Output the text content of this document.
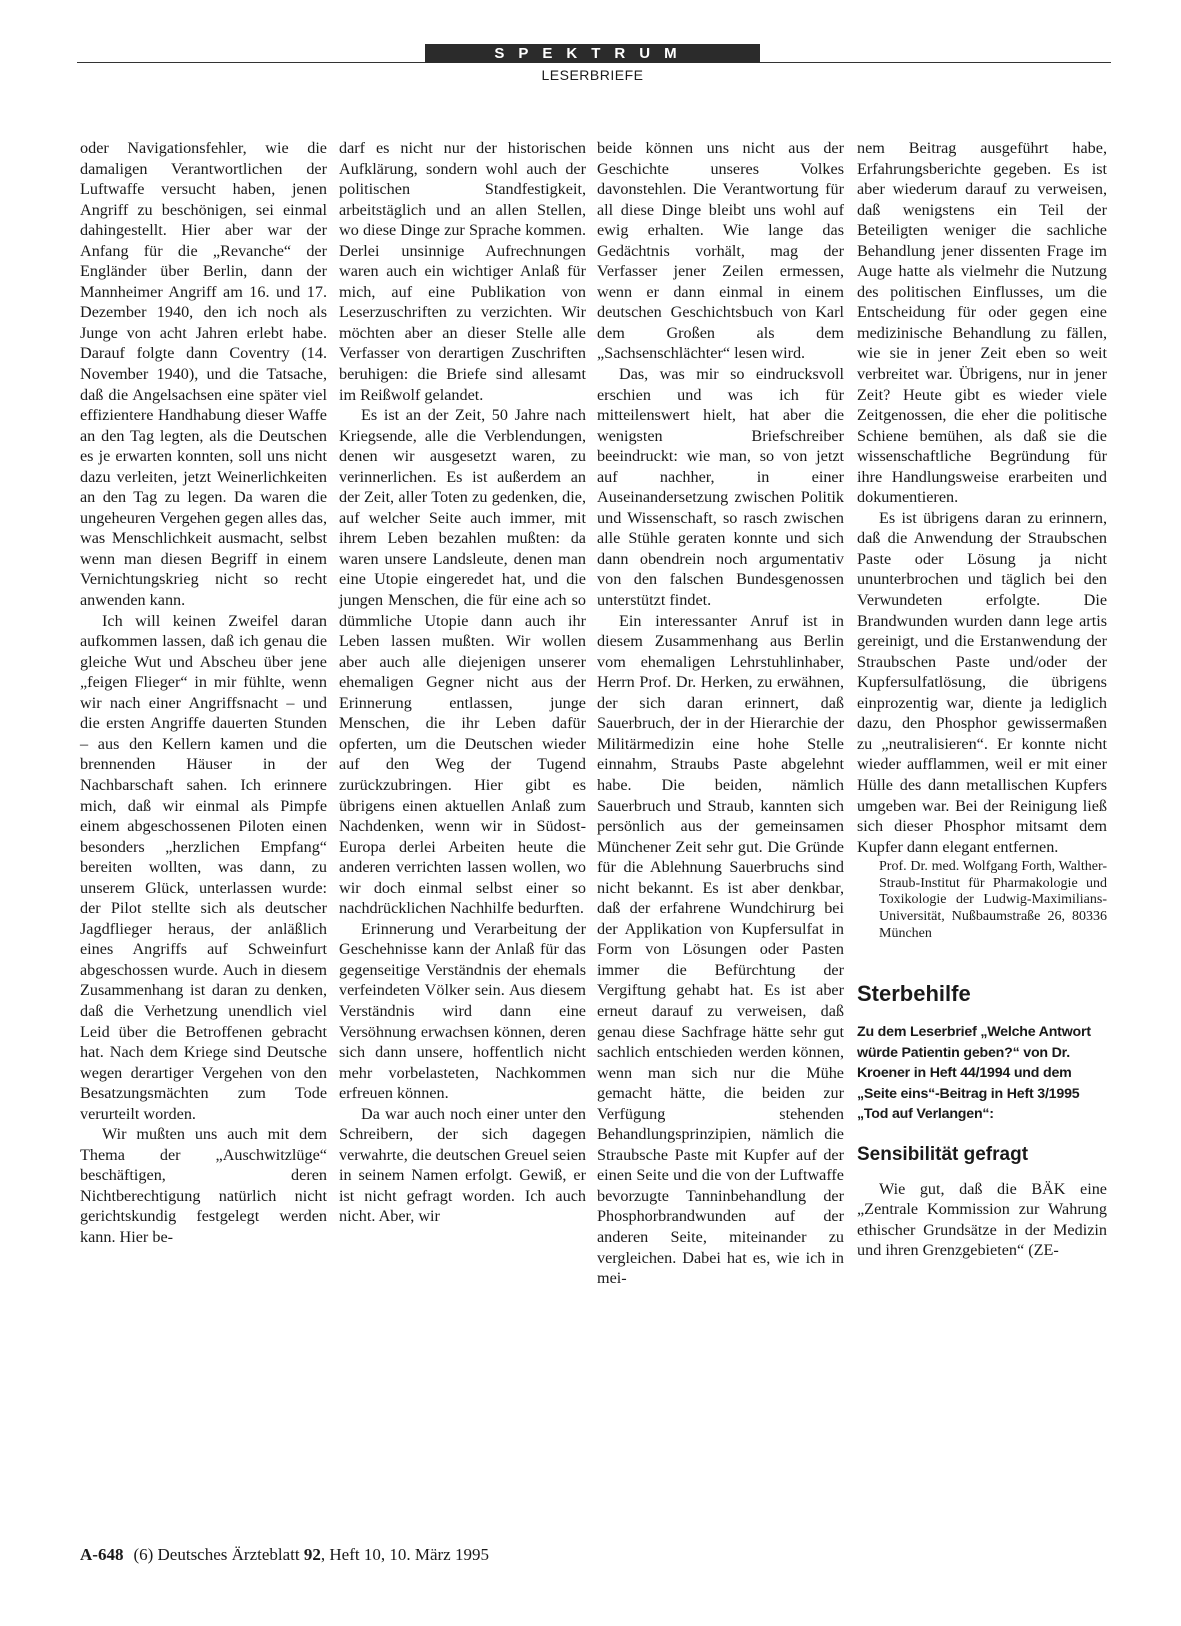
SPEKTRUM
LESERBRIEFE

oder Navigationsfehler, wie die damaligen Verantwortlichen der Luftwaffe versucht haben, jenen Angriff zu beschönigen, sei einmal dahingestellt. Hier aber war der Anfang für die „Revanche“ der Engländer über Berlin, dann der Mannheimer Angriff am 16. und 17. Dezember 1940, den ich noch als Junge von acht Jahren erlebt habe. Darauf folgte dann Coventry (14. November 1940), und die Tatsache, daß die Angelsachsen eine später viel effizientere Handhabung dieser Waffe an den Tag legten, als die Deutschen es je erwarten konnten, soll uns nicht dazu verleiten, jetzt Weinerlichkeiten an den Tag zu legen. Da waren die ungeheuren Vergehen gegen alles das, was Menschlichkeit ausmacht, selbst wenn man diesen Begriff in einem Vernichtungskrieg nicht so recht anwenden kann.

Ich will keinen Zweifel daran aufkommen lassen, daß ich genau die gleiche Wut und Abscheu über jene „feigen Flieger“ in mir fühlte, wenn wir nach einer Angriffsnacht – und die ersten Angriffe dauerten Stunden – aus den Kellern kamen und die brennenden Häuser in der Nachbarschaft sahen. Ich erinnere mich, daß wir einmal als Pimpfe einem abgeschossenen Piloten einen besonders „herzlichen Empfang“ bereiten wollten, was dann, zu unserem Glück, unterlassen wurde: der Pilot stellte sich als deutscher Jagdflieger heraus, der anläßlich eines Angriffs auf Schweinfurt abgeschossen wurde. Auch in diesem Zusammenhang ist daran zu denken, daß die Verhetzung unendlich viel Leid über die Betroffenen gebracht hat. Nach dem Kriege sind Deutsche wegen derartiger Vergehen von den Besatzungsmächten zum Tode verurteilt worden.

Wir mußten uns auch mit dem Thema der „Auschwitzlüge“ beschäftigen, deren Nichtberechtigung natürlich nicht gerichtskundig festgelegt werden kann. Hier be-

darf es nicht nur der historischen Aufklärung, sondern wohl auch der politischen Standfestigkeit, arbeitstäglich und an allen Stellen, wo diese Dinge zur Sprache kommen. Derlei unsinnige Aufrechnungen waren auch ein wichtiger Anlaß für mich, auf eine Publikation von Leserzuschriften zu verzichten. Wir möchten aber an dieser Stelle alle Verfasser von derartigen Zuschriften beruhigen: die Briefe sind allesamt im Reißwolf gelandet.

Es ist an der Zeit, 50 Jahre nach Kriegsende, alle die Verblendungen, denen wir ausgesetzt waren, zu verinnerlichen. Es ist außerdem an der Zeit, aller Toten zu gedenken, die, auf welcher Seite auch immer, mit ihrem Leben bezahlen mußten: da waren unsere Landsleute, denen man eine Utopie eingeredet hat, und die jungen Menschen, die für eine ach so dümmliche Utopie dann auch ihr Leben lassen mußten. Wir wollen aber auch alle diejenigen unserer ehemaligen Gegner nicht aus der Erinnerung entlassen, junge Menschen, die ihr Leben dafür opferten, um die Deutschen wieder auf den Weg der Tugend zurückzubringen. Hier gibt es übrigens einen aktuellen Anlaß zum Nachdenken, wenn wir in Südost-Europa derlei Arbeiten heute die anderen verrichten lassen wollen, wo wir doch einmal selbst einer so nachdrücklichen Nachhilfe bedurften.

Erinnerung und Verarbeitung der Geschehnisse kann der Anlaß für das gegenseitige Verständnis der ehemals verfeindeten Völker sein. Aus diesem Verständnis wird dann eine Versöhnung erwachsen können, deren sich dann unsere, hoffentlich nicht mehr vorbelasteten, Nachkommen erfreuen können.

Da war auch noch einer unter den Schreibern, der sich dagegen verwahrte, die deutschen Greuel seien in seinem Namen erfolgt. Gewiß, er ist nicht gefragt worden. Ich auch nicht. Aber, wir

beide können uns nicht aus der Geschichte unseres Volkes davonstehlen. Die Verantwortung für all diese Dinge bleibt uns wohl auf ewig erhalten. Wie lange das Gedächtnis vorhält, mag der Verfasser jener Zeilen ermessen, wenn er dann einmal in einem deutschen Geschichtsbuch von Karl dem Großen als dem „Sachsenschlächter“ lesen wird.

Das, was mir so eindrucksvoll erschien und was ich für mitteilenswert hielt, hat aber die wenigsten Briefschreiber beeindruckt: wie man, so von jetzt auf nachher, in einer Auseinandersetzung zwischen Politik und Wissenschaft, so rasch zwischen alle Stühle geraten konnte und sich dann obendrein noch argumentativ von den falschen Bundesgenossen unterstützt findet.

Ein interessanter Anruf ist in diesem Zusammenhang aus Berlin vom ehemaligen Lehrstuhlinhaber, Herrn Prof. Dr. Herken, zu erwähnen, der sich daran erinnert, daß Sauerbruch, der in der Hierarchie der Militärmedizin eine hohe Stelle einnahm, Straubs Paste abgelehnt habe. Die beiden, nämlich Sauerbruch und Straub, kannten sich persönlich aus der gemeinsamen Münchener Zeit sehr gut. Die Gründe für die Ablehnung Sauerbruchs sind nicht bekannt. Es ist aber denkbar, daß der erfahrene Wundchirurg bei der Applikation von Kupfersulfat in Form von Lösungen oder Pasten immer die Befürchtung der Vergiftung gehabt hat. Es ist aber erneut darauf zu verweisen, daß genau diese Sachfrage hätte sehr gut sachlich entschieden werden können, wenn man sich nur die Mühe gemacht hätte, die beiden zur Verfügung stehenden Behandlungsprinzipien, nämlich die Straubsche Paste mit Kupfer auf der einen Seite und die von der Luftwaffe bevorzugte Tanninbehandlung der Phosphorbrandwunden auf der anderen Seite, miteinander zu vergleichen. Dabei hat es, wie ich in mei-

nem Beitrag ausgeführt habe, Erfahrungsberichte gegeben. Es ist aber wiederum darauf zu verweisen, daß wenigstens ein Teil der Beteiligten weniger die sachliche Behandlung jener dissenten Frage im Auge hatte als vielmehr die Nutzung des politischen Einflusses, um die Entscheidung für oder gegen eine medizinische Behandlung zu fällen, wie sie in jener Zeit eben so weit verbreitet war. Übrigens, nur in jener Zeit? Heute gibt es wieder viele Zeitgenossen, die eher die politische Schiene bemühen, als daß sie die wissenschaftliche Begründung für ihre Handlungsweise erarbeiten und dokumentieren.

Es ist übrigens daran zu erinnern, daß die Anwendung der Straubschen Paste oder Lösung ja nicht ununterbrochen und täglich bei den Verwundeten erfolgte. Die Brandwunden wurden dann lege artis gereinigt, und die Erstanwendung der Straubschen Paste und/oder der Kupfersulfatlösung, die übrigens einprozentig war, diente ja lediglich dazu, den Phosphor gewissermaßen zu „neutralisieren“. Er konnte nicht wieder aufflammen, weil er mit einer Hülle des dann metallischen Kupfers umgeben war. Bei der Reinigung ließ sich dieser Phosphor mitsamt dem Kupfer dann elegant entfernen.

Prof. Dr. med. Wolfgang Forth, Walther-Straub-Institut für Pharmakologie und Toxikologie der Ludwig-Maximilians-Universität, Nußbaumstraße 26, 80336 München

Sterbehilfe

Zu dem Leserbrief „Welche Antwort würde Patientin geben?“ von Dr. Kroener in Heft 44/1994 und dem „Seite eins“-Beitrag in Heft 3/1995 „Tod auf Verlangen“:

Sensibilität gefragt

Wie gut, daß die BÄK eine „Zentrale Kommission zur Wahrung ethischer Grundsätze in der Medizin und ihren Grenzgebieten“ (ZE-

A-648 (6) Deutsches Ärzteblatt 92, Heft 10, 10. März 1995
